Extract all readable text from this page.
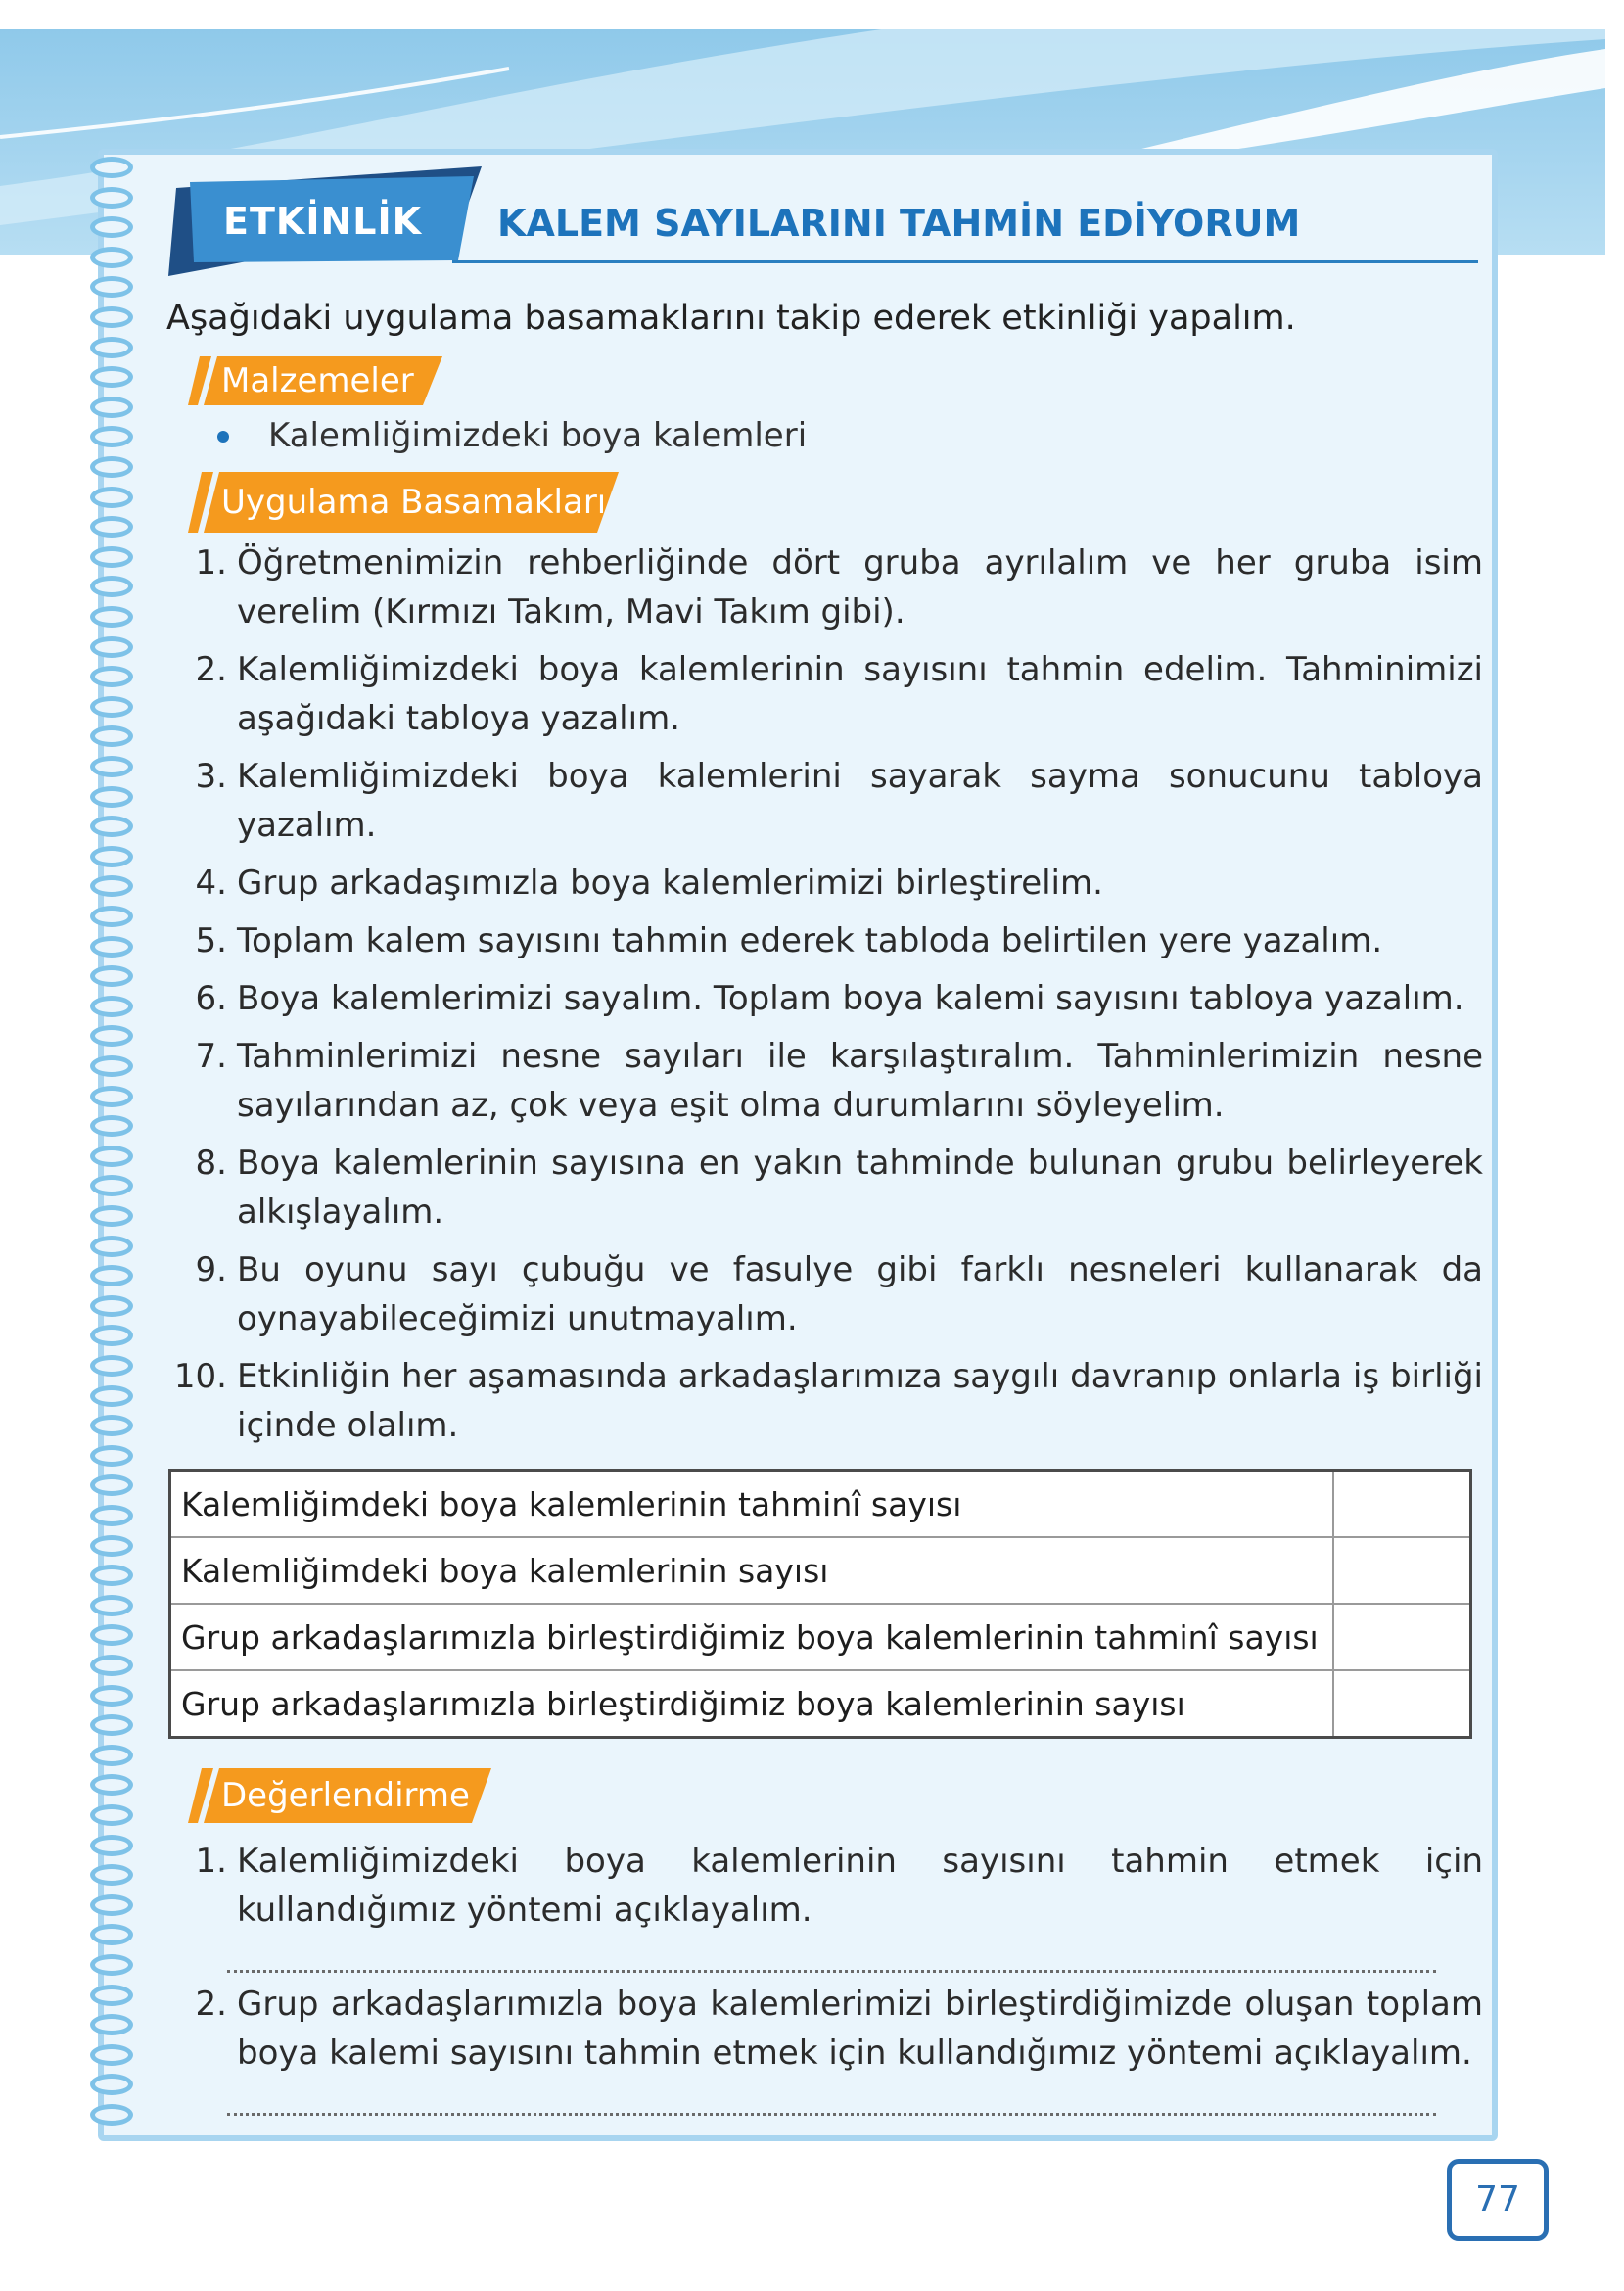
ETKİNLİK	KALEM SAYILARINI TAHMİN EDİYORUM
Aşağıdaki uygulama basamaklarını takip ederek etkinliği yapalım.
Malzemeler
Kalemliğimizdeki boya kalemleri
Uygulama Basamakları
1. Öğretmenimizin rehberliğinde dört gruba ayrılalım ve her gruba isim verelim (Kırmızı Takım, Mavi Takım gibi).
2. Kalemliğimizdeki boya kalemlerinin sayısını tahmin edelim. Tahminimizi aşağıdaki tabloya yazalım.
3. Kalemliğimizdeki boya kalemlerini sayarak sayma sonucunu tabloya yazalım.
4. Grup arkadaşımızla boya kalemlerimizi birleştirelim.
5. Toplam kalem sayısını tahmin ederek tabloda belirtilen yere yazalım.
6. Boya kalemlerimizi sayalım. Toplam boya kalemi sayısını tabloya yazalım.
7. Tahminlerimizi nesne sayıları ile karşılaştıralım. Tahminlerimizin nesne sayılarından az, çok veya eşit olma durumlarını söyleyelim.
8. Boya kalemlerinin sayısına en yakın tahminde bulunan grubu belirleyerek alkışlayalım.
9. Bu oyunu sayı çubuğu ve fasulye gibi farklı nesneleri kullanarak da oynayabileceğimizi unutmayalım.
10. Etkinliğin her aşamasında arkadaşlarımıza saygılı davranıp onlarla iş birliği içinde olalım.
Kalemliğimdeki boya kalemlerinin tahminî sayısı	
Kalemliğimdeki boya kalemlerinin sayısı	
Grup arkadaşlarımızla birleştirdiğimiz boya kalemlerinin tahminî sayısı	
Grup arkadaşlarımızla birleştirdiğimiz boya kalemlerinin sayısı	
Değerlendirme
1. Kalemliğimizdeki boya kalemlerinin sayısını tahmin etmek için kullandığımız yöntemi açıklayalım.
2. Grup arkadaşlarımızla boya kalemlerimizi birleştirdiğimizde oluşan toplam boya kalemi sayısını tahmin etmek için kullandığımız yöntemi açıklayalım.
77
